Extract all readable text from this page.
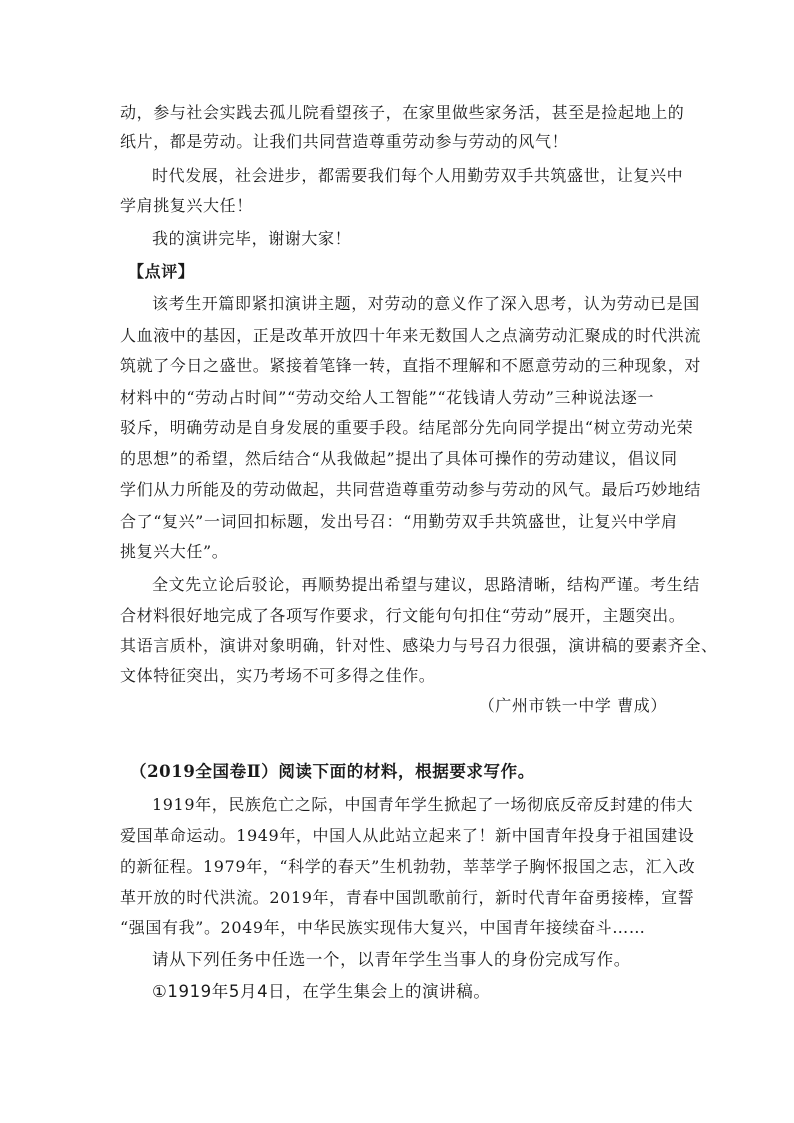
动，参与社会实践去孤儿院看望孩子，在家里做些家务活，甚至是捡起地上的
纸片，都是劳动。让我们共同营造尊重劳动参与劳动的风气！
时代发展，社会进步，都需要我们每个人用勤劳双手共筑盛世，让复兴中
学肩挑复兴大任！
我的演讲完毕，谢谢大家！
【点评】
该考生开篇即紧扣演讲主题，对劳动的意义作了深入思考，认为劳动已是国
人血液中的基因，正是改革开放四十年来无数国人之点滴劳动汇聚成的时代洪流
筑就了今日之盛世。紧接着笔锋一转，直指不理解和不愿意劳动的三种现象，对
材料中的“劳动占时间”“劳动交给人工智能”“花钱请人劳动”三种说法逐一
驳斥，明确劳动是自身发展的重要手段。结尾部分先向同学提出“树立劳动光荣
的思想”的希望，然后结合“从我做起”提出了具体可操作的劳动建议，倡议同
学们从力所能及的劳动做起，共同营造尊重劳动参与劳动的风气。最后巧妙地结
合了“复兴”一词回扣标题，发出号召：“用勤劳双手共筑盛世，让复兴中学肩
挑复兴大任”。
全文先立论后驳论，再顺势提出希望与建议，思路清晰，结构严谨。考生结
合材料很好地完成了各项写作要求，行文能句句扣住“劳动”展开，主题突出。
其语言质朴，演讲对象明确，针对性、感染力与号召力很强，演讲稿的要素齐全、
文体特征突出，实乃考场不可多得之佳作。
（广州市铁一中学 曹成）
（2019全国卷Ⅱ）阅读下面的材料，根据要求写作。
1919年，民族危亡之际，中国青年学生掀起了一场彻底反帝反封建的伟大
爱国革命运动。1949年，中国人从此站立起来了！新中国青年投身于祖国建设
的新征程。1979年，“科学的春天”生机勃勃，莘莘学子胸怀报国之志，汇入改
革开放的时代洪流。2019年，青春中国凯歌前行，新时代青年奋勇接棒，宣誓
“强国有我”。2049年，中华民族实现伟大复兴，中国青年接续奋斗……
请从下列任务中任选一个，以青年学生当事人的身份完成写作。
①1919年5月4日，在学生集会上的演讲稿。
